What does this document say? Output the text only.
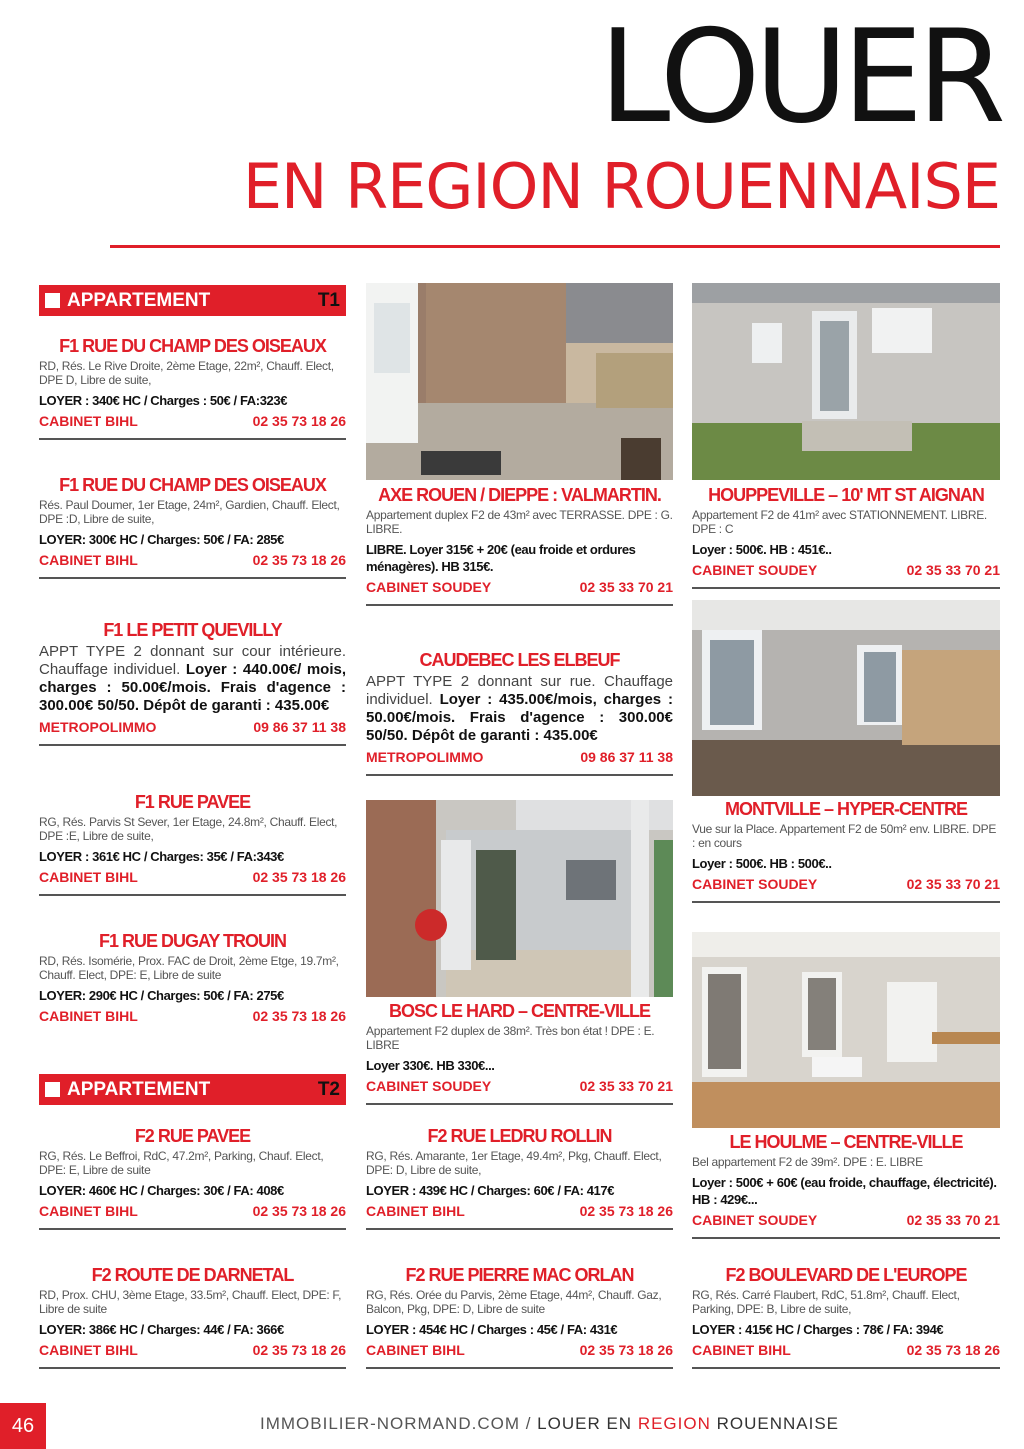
LOUER
EN REGION ROUENNAISE
APPARTEMENT	T1
F1 RUE DU CHAMP DES OISEAUX
RD, Rés. Le Rive Droite, 2ème Etage, 22m², Chauff. Elect, DPE D, Libre de suite,
LOYER : 340€ HC / Charges : 50€ / FA:323€
CABINET BIHL	02 35 73 18 26
F1 RUE DU CHAMP DES OISEAUX
Rés. Paul Doumer, 1er Etage, 24m², Gardien, Chauff. Elect, DPE :D, Libre de suite,
LOYER: 300€ HC / Charges: 50€ / FA: 285€
CABINET BIHL	02 35 73 18 26
F1 LE PETIT QUEVILLY
APPT TYPE 2 donnant sur cour intérieure. Chauffage individuel. Loyer : 440.00€/ mois, charges : 50.00€/mois. Frais d'agence : 300.00€ 50/50. Dépôt de garanti : 435.00€
METROPOLIMMO	09 86 37 11 38
F1 RUE PAVEE
RG, Rés. Parvis St Sever, 1er Etage, 24.8m², Chauff. Elect, DPE :E, Libre de suite,
LOYER : 361€ HC / Charges: 35€ / FA:343€
CABINET BIHL	02 35 73 18 26
F1 RUE DUGAY TROUIN
RD, Rés. Isomérie, Prox. FAC de Droit, 2ème Etge, 19.7m², Chauff. Elect, DPE: E, Libre de suite
LOYER: 290€ HC / Charges: 50€ / FA: 275€
CABINET BIHL	02 35 73 18 26
APPARTEMENT	T2
F2 RUE PAVEE
RG, Rés. Le Beffroi, RdC, 47.2m², Parking, Chauf. Elect, DPE: E, Libre de suite
LOYER: 460€ HC / Charges: 30€ / FA: 408€
CABINET BIHL	02 35 73 18 26
F2 ROUTE DE DARNETAL
RD, Prox. CHU, 3ème Etage, 33.5m², Chauff. Elect, DPE: F, Libre de suite
LOYER: 386€ HC / Charges: 44€ / FA: 366€
CABINET BIHL	02 35 73 18 26
AXE ROUEN / DIEPPE : VALMARTIN.
Appartement duplex F2 de 43m² avec TERRASSE. DPE : G. LIBRE.
LIBRE. Loyer 315€ + 20€ (eau froide et ordures ménagères). HB 315€.
CABINET SOUDEY	02 35 33 70 21
CAUDEBEC LES ELBEUF
APPT TYPE 2 donnant sur rue. Chauffage individuel. Loyer : 435.00€/mois, charges : 50.00€/mois. Frais d'agence : 300.00€ 50/50. Dépôt de garanti : 435.00€
METROPOLIMMO	09 86 37 11 38
BOSC LE HARD – CENTRE-VILLE
Appartement F2 duplex de 38m². Très bon état ! DPE : E. LIBRE
Loyer 330€. HB 330€...
CABINET SOUDEY	02 35 33 70 21
F2 RUE LEDRU ROLLIN
RG, Rés. Amarante, 1er Etage, 49.4m², Pkg, Chauff. Elect, DPE: D, Libre de suite,
LOYER : 439€ HC / Charges: 60€ / FA: 417€
CABINET BIHL	02 35 73 18 26
F2 RUE PIERRE MAC ORLAN
RG, Rés. Orée du Parvis, 2ème Etage, 44m², Chauff. Gaz, Balcon, Pkg, DPE: D, Libre de suite
LOYER : 454€ HC / Charges : 45€ / FA: 431€
CABINET BIHL	02 35 73 18 26
HOUPPEVILLE – 10' MT ST AIGNAN
Appartement F2 de 41m² avec STATIONNEMENT. LIBRE. DPE : C
Loyer : 500€. HB : 451€..
CABINET SOUDEY	02 35 33 70 21
MONTVILLE – HYPER-CENTRE
Vue sur la Place. Appartement F2 de 50m² env. LIBRE. DPE : en cours
Loyer : 500€. HB : 500€..
CABINET SOUDEY	02 35 33 70 21
LE HOULME – CENTRE-VILLE
Bel appartement F2 de 39m². DPE : E. LIBRE
Loyer : 500€ + 60€ (eau froide, chauffage, électricité). HB : 429€...
CABINET SOUDEY	02 35 33 70 21
F2 BOULEVARD DE L'EUROPE
RG, Rés. Carré Flaubert, RdC, 51.8m², Chauff. Elect, Parking, DPE: B, Libre de suite,
LOYER : 415€ HC / Charges : 78€ / FA: 394€
CABINET BIHL	02 35 73 18 26
46	IMMOBILIER-NORMAND.COM / LOUER EN REGION ROUENNAISE
